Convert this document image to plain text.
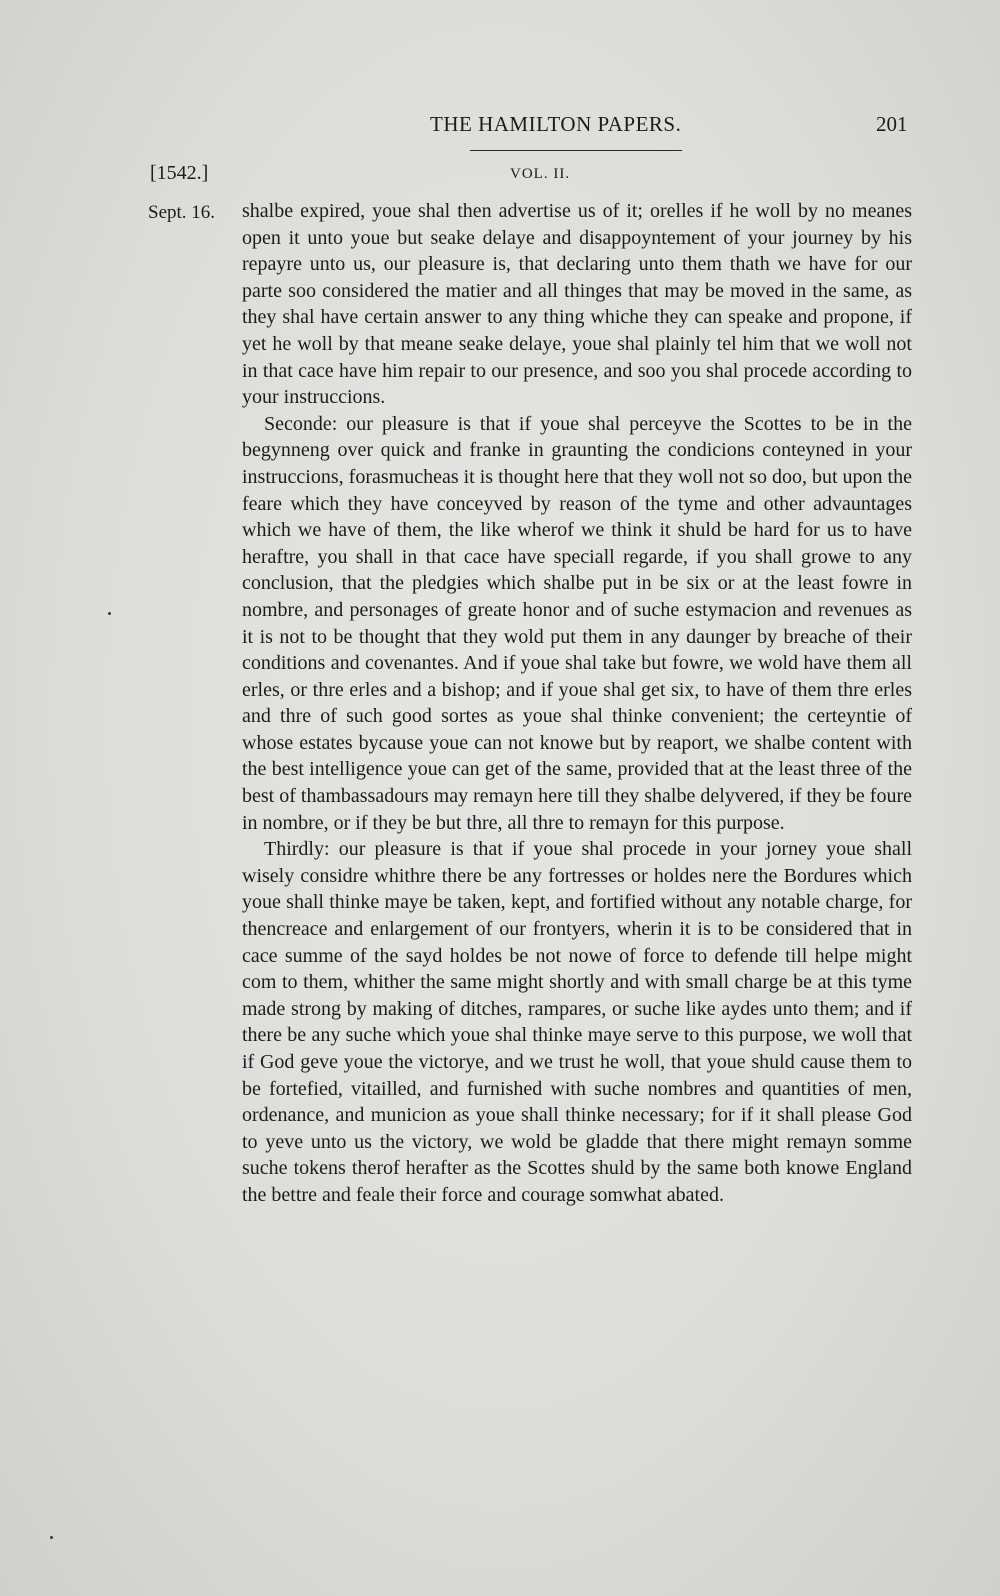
THE HAMILTON PAPERS.	201
[1542.]	VOL. II.
Sept. 16. shalbe expired, youe shal then advertise us of it; orelles if he woll by no meanes open it unto youe but seake delaye and disappoyntement of your journey by his repayre unto us, our pleasure is, that declaring unto them thath we have for our parte soo considered the matier and all thinges that may be moved in the same, as they shal have certain answer to any thing whiche they can speake and propone, if yet he woll by that meane seake delaye, youe shal plainly tel him that we woll not in that cace have him repair to our presence, and soo you shal procede according to your instruccions.

Seconde: our pleasure is that if youe shal perceyve the Scottes to be in the begynneng over quick and franke in grаunting the condicions conteyned in your instruccions, forasmucheas it is thought here that they woll not so doo, but upon the feare which they have conceyved by reason of the tyme and other advauntages which we have of them, the like wherof we think it shuld be hard for us to have heraftre, you shall in that cace have speciall regarde, if you shall growe to any conclusion, that the pledgies which shalbe put in be six or at the least fowre in nombre, and personages of greate honor and of suche estymacion and revenues as it is not to be thought that they wold put them in any daunger by breache of their conditions and covenantes. And if youe shal take but fowre, we wold have them all erles, or thre erles and a bishop; and if youe shal get six, to have of them thre erles and thre of such good sortes as youe shal thinke convenient; the certeyntie of whose estates bycause youe can not knowe but by reaport, we shalbe content with the best intelligence youe can get of the same, provided that at the least three of the best of thambassadours may remayn here till they shalbe delyvered, if they be foure in nombre, or if they be but thre, all thre to remayn for this purpose.

Thirdly: our pleasure is that if youe shal procede in your jorney youe shall wisely considre whithre there be any fortresses or holdes nere the Bordures which youe shall thinke maye be taken, kept, and fortified without any notable charge, for thencreace and enlargement of our frontyers, wherin it is to be considered that in cace summe of the sayd holdes be not nowe of force to defende till helpe might com to them, whither the same might shortly and with small charge be at this tyme made strong by making of ditches, rampares, or suche like aydes unto them; and if there be any suche which youe shal thinke maye serve to this purpose, we woll that if God geve youe the victorye, and we trust he woll, that youe shuld cause them to be fortefied, vitailled, and furnished with suche nombres and quantities of men, ordenance, and municion as youe shall thinke necessary; for if it shall please God to yeve unto us the victory, we wold be gladde that there might remayn somme suche tokens therof herafter as the Scottes shuld by the same both knowe England the bettre and feale their force and courage somwhat abated.
